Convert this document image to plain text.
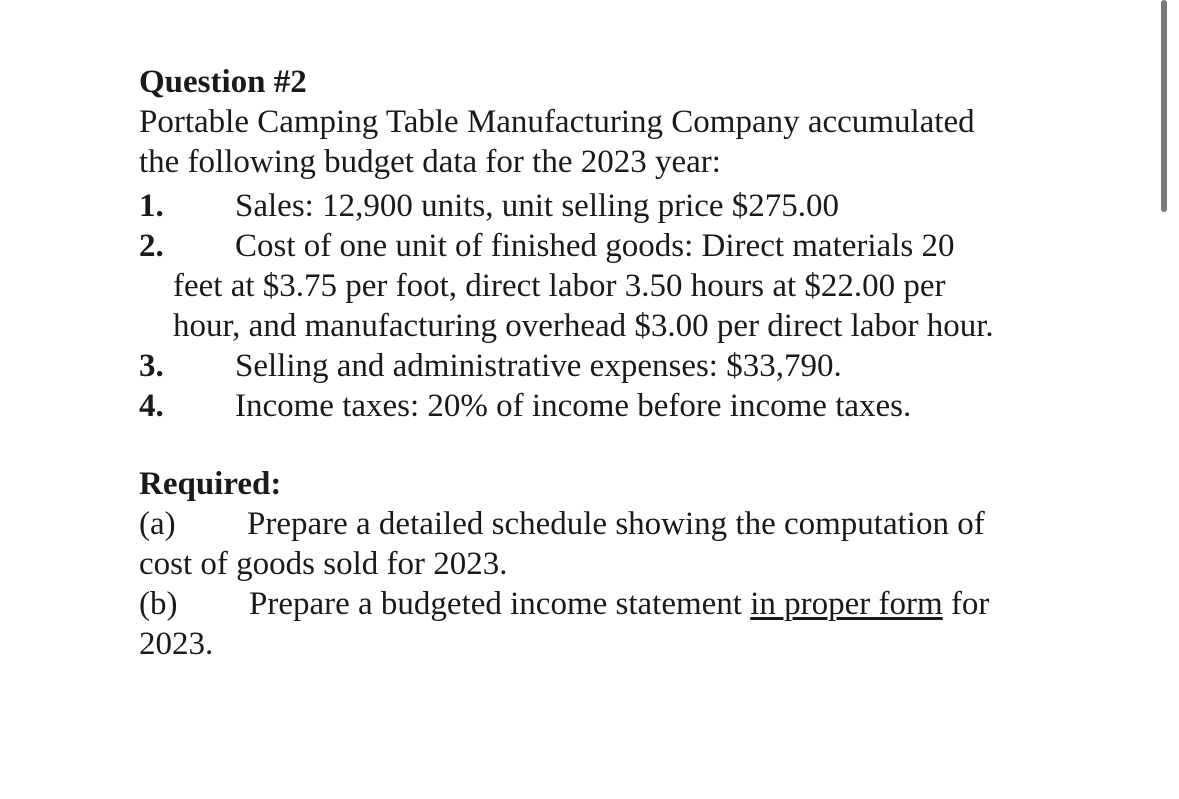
Question #2

Portable Camping Table Manufacturing Company accumulated

the following budget data for the 2023 year:

1. Sales: 12,900 units, unit selling price $275.00
2. Cost of one unit of finished goods: Direct materials 20
feet at $3.75 per foot, direct labor 3.50 hours at $22.00 per
hour, and manufacturing overhead $3.00 per direct labor hour.
3. Selling and administrative expenses: $33,790.
4. Income taxes: 20% of income before income taxes.

Required:

(a) Prepare a detailed schedule showing the computation of
cost of goods sold for 2023.
(b) Prepare a budgeted income statement in proper form for
2023.
